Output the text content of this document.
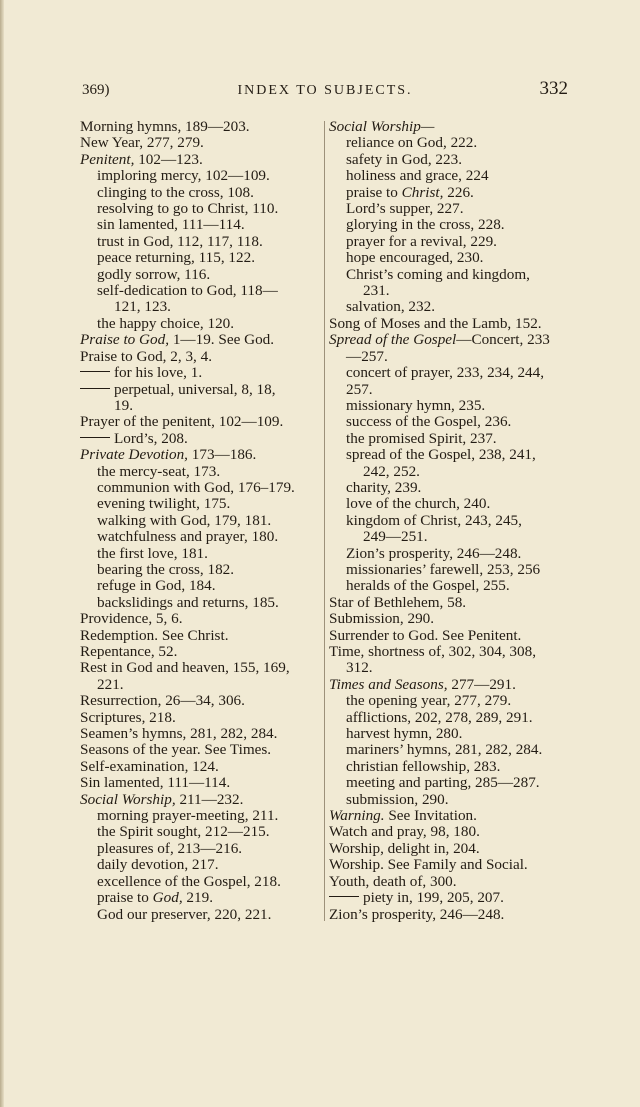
369)	INDEX TO SUBJECTS.	332
Morning hymns, 189—203.
New Year, 277, 279.
Penitent, 102—123.
imploring mercy, 102—109.
clinging to the cross, 108.
resolving to go to Christ, 110.
sin lamented, 111—114.
trust in God, 112, 117, 118.
peace returning, 115, 122.
godly sorrow, 116.
self-dedication to God, 118—
121, 123.
the happy choice, 120.
Praise to God, 1—19. See God.
Praise to God, 2, 3, 4.
for his love, 1.
perpetual, universal, 8, 18,
19.
Prayer of the penitent, 102—109.
Lord’s, 208.
Private Devotion, 173—186.
the mercy-seat, 173.
communion with God, 176–179.
evening twilight, 175.
walking with God, 179, 181.
watchfulness and prayer, 180.
the first love, 181.
bearing the cross, 182.
refuge in God, 184.
backslidings and returns, 185.
Providence, 5, 6.
Redemption. See Christ.
Repentance, 52.
Rest in God and heaven, 155, 169,
221.
Resurrection, 26—34, 306.
Scriptures, 218.
Seamen’s hymns, 281, 282, 284.
Seasons of the year. See Times.
Self-examination, 124.
Sin lamented, 111—114.
Social Worship, 211—232.
morning prayer-meeting, 211.
the Spirit sought, 212—215.
pleasures of, 213—216.
daily devotion, 217.
excellence of the Gospel, 218.
praise to God, 219.
God our preserver, 220, 221.
Social Worship—
reliance on God, 222.
safety in God, 223.
holiness and grace, 224
praise to Christ, 226.
Lord’s supper, 227.
glorying in the cross, 228.
prayer for a revival, 229.
hope encouraged, 230.
Christ’s coming and kingdom,
231.
salvation, 232.
Song of Moses and the Lamb, 152.
Spread of the Gospel—Concert, 233
—257.
concert of prayer, 233, 234, 244,
257.
missionary hymn, 235.
success of the Gospel, 236.
the promised Spirit, 237.
spread of the Gospel, 238, 241,
242, 252.
charity, 239.
love of the church, 240.
kingdom of Christ, 243, 245,
249—251.
Zion’s prosperity, 246—248.
missionaries’ farewell, 253, 256
heralds of the Gospel, 255.
Star of Bethlehem, 58.
Submission, 290.
Surrender to God. See Penitent.
Time, shortness of, 302, 304, 308,
312.
Times and Seasons, 277—291.
the opening year, 277, 279.
afflictions, 202, 278, 289, 291.
harvest hymn, 280.
mariners’ hymns, 281, 282, 284.
christian fellowship, 283.
meeting and parting, 285—287.
submission, 290.
Warning. See Invitation.
Watch and pray, 98, 180.
Worship, delight in, 204.
Worship. See Family and Social.
Youth, death of, 300.
piety in, 199, 205, 207.
Zion’s prosperity, 246—248.
